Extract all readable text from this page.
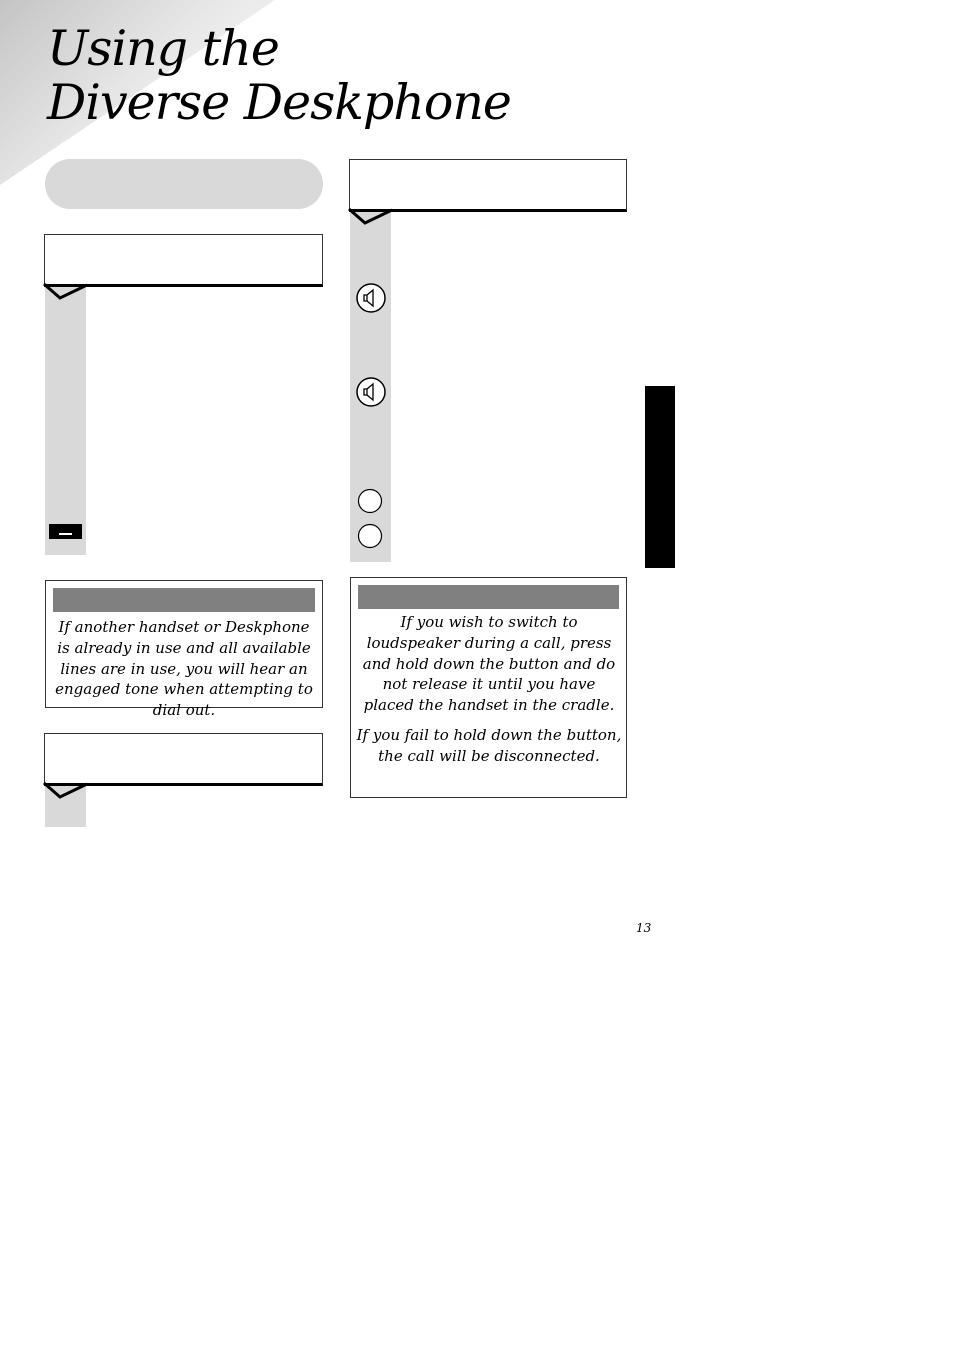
Using the
Diverse Deskphone
If another handset or Deskphone is already in use and all available lines are in use, you will hear an engaged tone when attempting to dial out.

If you wish to switch to loudspeaker during a call, press and hold down the button and do not release it until you have placed the handset in the cradle.

If you fail to hold down the button, the call will be disconnected.

13
